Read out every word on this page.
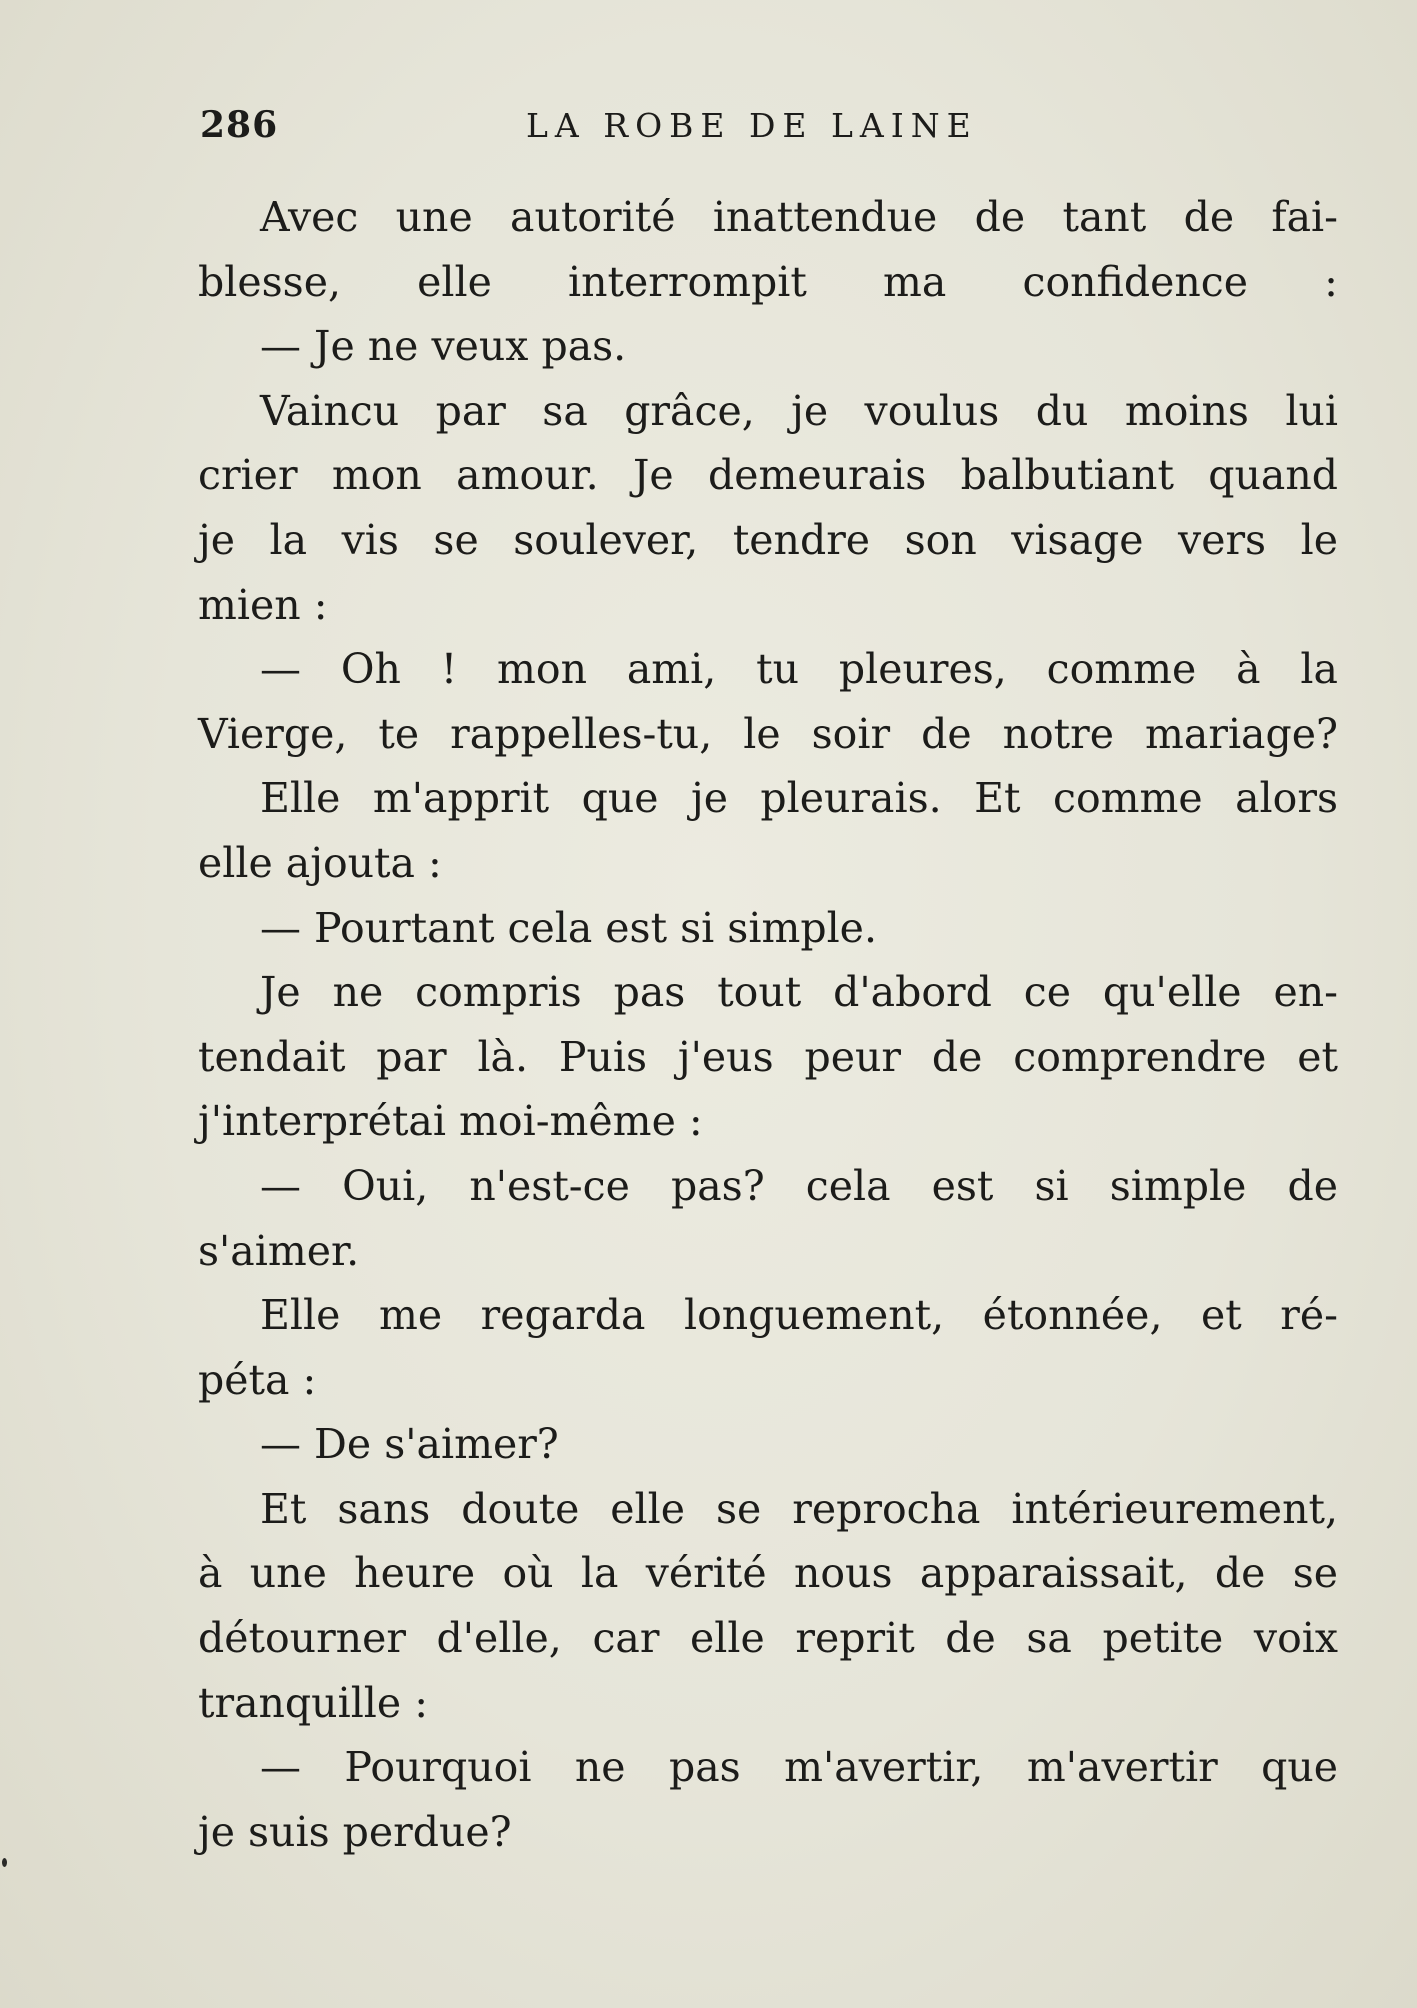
286	LA ROBE DE LAINE
Avec une autorité inattendue de tant de fai-
blesse, elle interrompit ma confidence :
— Je ne veux pas.
Vaincu par sa grâce, je voulus du moins lui
crier mon amour. Je demeurais balbutiant quand
je la vis se soulever, tendre son visage vers le
mien :
— Oh ! mon ami, tu pleures, comme à la
Vierge, te rappelles-tu, le soir de notre mariage?
Elle m'apprit que je pleurais. Et comme alors
elle ajouta :
— Pourtant cela est si simple.
Je ne compris pas tout d'abord ce qu'elle en-
tendait par là. Puis j'eus peur de comprendre et
j'interprétai moi-même :
— Oui, n'est-ce pas? cela est si simple de
s'aimer.
Elle me regarda longuement, étonnée, et ré-
péta :
— De s'aimer?
Et sans doute elle se reprocha intérieurement,
à une heure où la vérité nous apparaissait, de se
détourner d'elle, car elle reprit de sa petite voix
tranquille :
— Pourquoi ne pas m'avertir, m'avertir que
je suis perdue?
